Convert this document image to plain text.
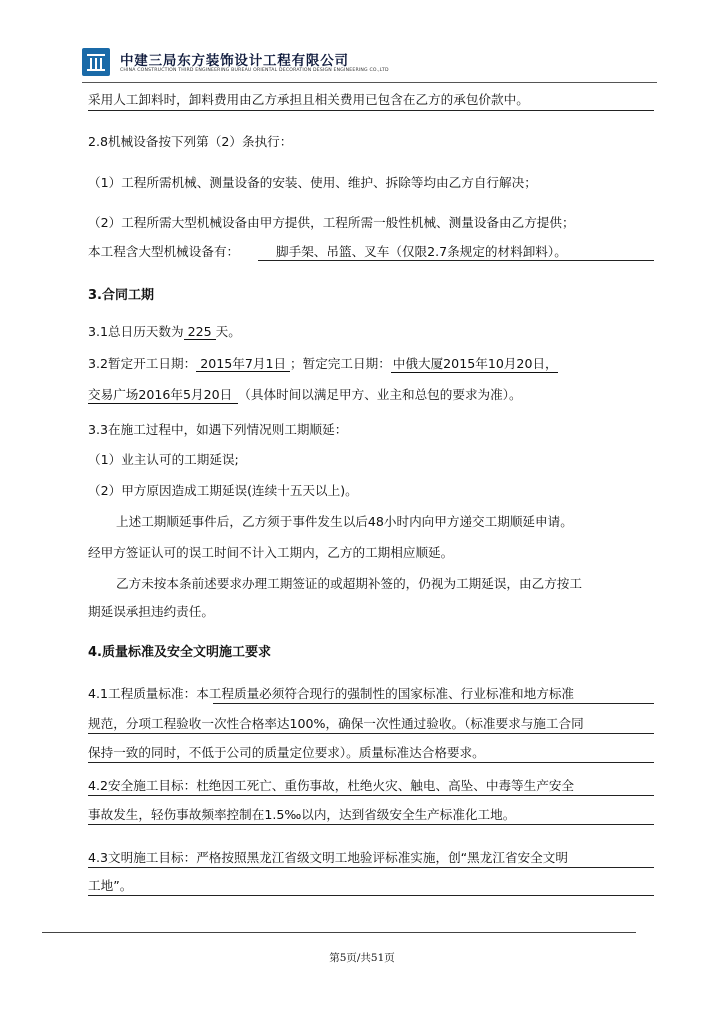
中建三局东方装饰设计工程有限公司
CHINA CONSTRUCTION THIRD ENGINEERING BUREAU ORIENTAL DECORATION DESIGN ENGINEERING CO.,LTD
采用人工卸料时，卸料费用由乙方承担且相关费用已包含在乙方的承包价款中。
2.8机械设备按下列第（2）条执行：
（1）工程所需机械、测量设备的安装、使用、维护、拆除等均由乙方自行解决；
（2）工程所需大型机械设备由甲方提供，工程所需一般性机械、测量设备由乙方提供；
本工程含大型机械设备有：	脚手架、吊篮、叉车（仅限2.7条规定的材料卸料）。
3.合同工期
3.1总日历天数为 225 天。
3.2暂定开工日期： 2015年7月1日 ；暂定完工日期： 中俄大厦2015年10月20日，
交易广场2016年5月20日 （具体时间以满足甲方、业主和总包的要求为准）。
3.3在施工过程中，如遇下列情况则工期顺延：
（1）业主认可的工期延误;
（2）甲方原因造成工期延误(连续十五天以上)。
上述工期顺延事件后，乙方须于事件发生以后48小时内向甲方递交工期顺延申请。
经甲方签证认可的误工时间不计入工期内，乙方的工期相应顺延。
乙方未按本条前述要求办理工期签证的或超期补签的，仍视为工期延误，由乙方按工
期延误承担违约责任。
4.质量标准及安全文明施工要求
4.1工程质量标准：本工程质量必须符合现行的强制性的国家标准、行业标准和地方标准
规范，分项工程验收一次性合格率达100%，确保一次性通过验收。（标准要求与施工合同
保持一致的同时，不低于公司的质量定位要求）。质量标准达合格要求。
4.2安全施工目标：杜绝因工死亡、重伤事故，杜绝火灾、触电、高坠、中毒等生产安全
事故发生，轻伤事故频率控制在1.5‰以内，达到省级安全生产标准化工地。
4.3文明施工目标：严格按照黑龙江省级文明工地验评标准实施，创“黑龙江省安全文明
工地”。
第5页/共51页
